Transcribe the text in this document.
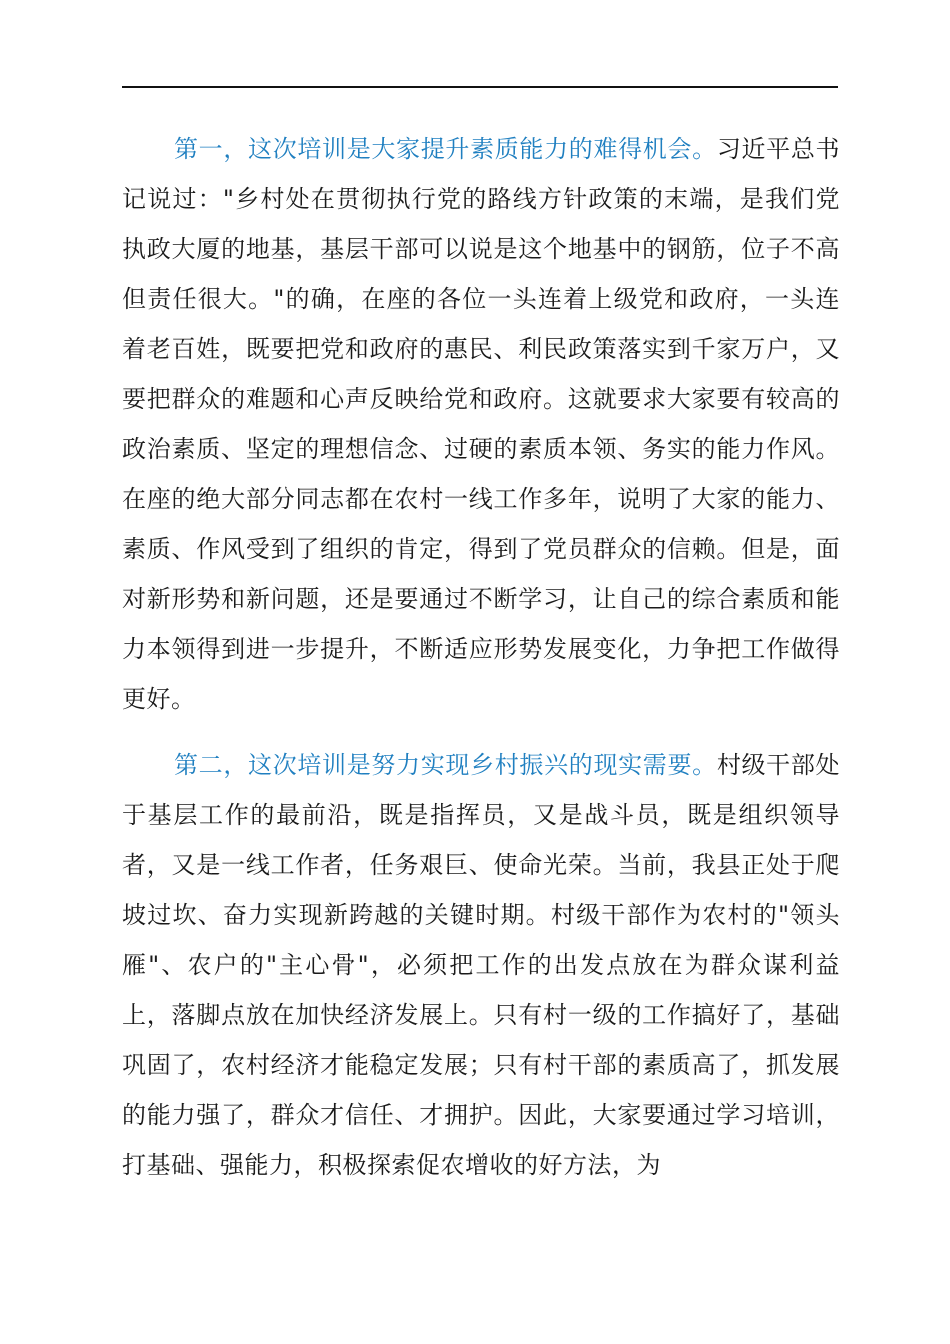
第一，这次培训是大家提升素质能力的难得机会。习近平总书记说过："乡村处在贯彻执行党的路线方针政策的末端，是我们党执政大厦的地基，基层干部可以说是这个地基中的钢筋，位子不高但责任很大。"的确，在座的各位一头连着上级党和政府，一头连着老百姓，既要把党和政府的惠民、利民政策落实到千家万户，又要把群众的难题和心声反映给党和政府。这就要求大家要有较高的政治素质、坚定的理想信念、过硬的素质本领、务实的能力作风。在座的绝大部分同志都在农村一线工作多年，说明了大家的能力、素质、作风受到了组织的肯定，得到了党员群众的信赖。但是，面对新形势和新问题，还是要通过不断学习，让自己的综合素质和能力本领得到进一步提升，不断适应形势发展变化，力争把工作做得更好。

第二，这次培训是努力实现乡村振兴的现实需要。村级干部处于基层工作的最前沿，既是指挥员，又是战斗员，既是组织领导者，又是一线工作者，任务艰巨、使命光荣。当前，我县正处于爬坡过坎、奋力实现新跨越的关键时期。村级干部作为农村的"领头雁"、农户的"主心骨"，必须把工作的出发点放在为群众谋利益上，落脚点放在加快经济发展上。只有村一级的工作搞好了，基础巩固了，农村经济才能稳定发展；只有村干部的素质高了，抓发展的能力强了，群众才信任、才拥护。因此，大家要通过学习培训，打基础、强能力，积极探索促农增收的好方法，为
